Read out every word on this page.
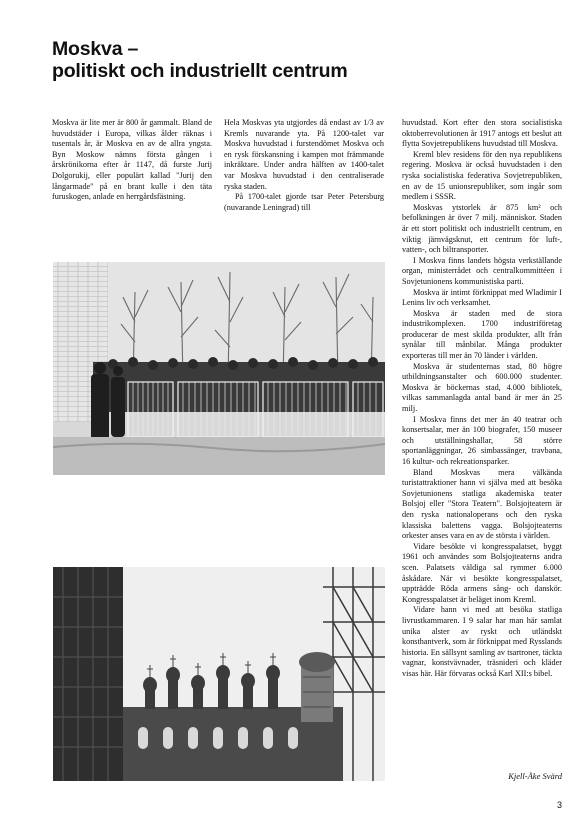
Moskva –
politiskt och industriellt centrum

Moskva är lite mer är 800 år gammalt. Bland de huvudstäder i Europa, vilkas ålder räknas i tusentals år, är Moskva en av de allra yngsta. Byn Moskow nämns första gången i årskrönikorna efter år 1147, då furste Jurij Dolgorukij, eller populärt kallad "Jurij den långarmade" på en brant kulle i den täta furuskogen, anlade en herrgårdsfästning.

Hela Moskvas yta utgjordes då endast av 1/3 av Kremls nuvarande yta. På 1200-talet var Moskva huvudstad i furstendömet Moskva och en rysk förskansning i kampen mot främmande inkräktare. Under andra hälften av 1400-talet var Moskva huvudstad i den centraliserade ryska staden.

På 1700-talet gjorde tsar Peter Petersburg (nuvarande Leningrad) till

huvudstad. Kort efter den stora socialistiska oktoberrevolutionen år 1917 antogs ett beslut att flytta Sovjetrepublikens huvudstad till Moskva.

Kreml blev residens för den nya republikens regering. Moskva är också huvudstaden i den ryska socialistiska federativa Sovjetrepubliken, en av de 15 unionsrepubliker, som ingår som medlem i SSSR.

Moskvas ytstorlek är 875 km² och befolkningen är över 7 milj. människor. Staden är ett stort politiskt och industriellt centrum, en viktig järnvägsknut, ett centrum för luft-, vatten-, och biltransporter.

I Moskva finns landets högsta verkställande organ, ministerrådet och centralkommittéen i Sovjetunionens kommunistiska parti.

Moskva är intimt förknippat med Wladimir I Lenins liv och verksamhet.

Moskva är staden med de stora industrikomplexen. 1700 industriföretag producerar de mest skilda produkter, allt från synålar till månbilar. Många produkter exporteras till mer än 70 länder i världen.

Moskva är studenternas stad, 80 högre utbildningsanstalter och 600.000 studenter. Moskva är böckernas stad, 4.000 bibliotek, vilkas sammanlagda antal band är mer än 25 milj.

I Moskva finns det mer än 40 teatrar och konsertsalar, mer än 100 biografer, 150 museer och utställningshallar, 58 större sportanläggningar, 26 simbassänger, travbana, 16 kultur- och rekreationsparker.

Bland Moskvas mera välkända turistattraktioner hann vi själva med att besöka Sovjetunionens statliga akademiska teater Bolsjoj eller "Stora Teatern". Bolsjojteatern är den ryska nationaloperans och den ryska klassiska balettens vagga. Bolsjojteaterns orkester anses vara en av de största i världen.

Vidare besökte vi kongresspalatset, byggt 1961 och användes som Bolsjojteaterns andra scen. Palatsets väldiga sal rymmer 6.000 åskådare. När vi besökte kongresspalatset, uppträdde Röda armens sång- och danskör. Kongresspalatset är beläget inom Kreml.

Vidare hann vi med att besöka statliga livrustkammaren. I 9 salar har man här samlat unika alster av ryskt och utländskt konsthantverk, som är förknippat med Rysslands historia. En sällsynt samling av tsartroner, täckta vagnar, konstvävnader, träsnideri och kläder visas här. Här förvaras också Karl XII:s bibel.

Kjell-Åke Svärd
3
